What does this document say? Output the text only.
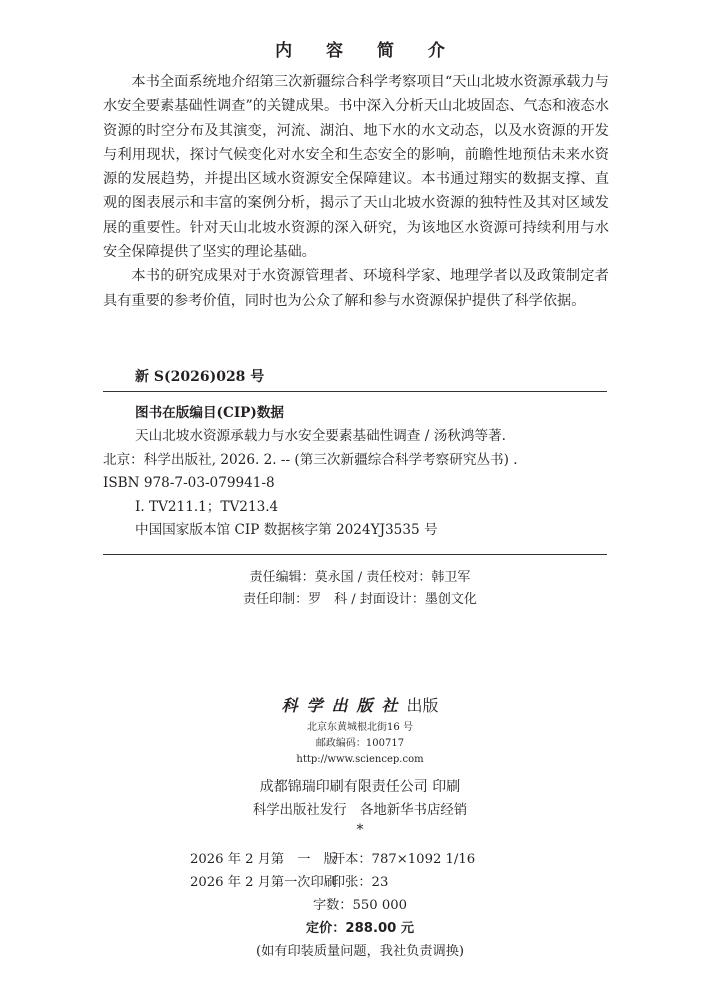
内 容 简 介

本书全面系统地介绍第三次新疆综合科学考察项目“天山北坡水资源承载力与水安全要素基础性调查”的关键成果。书中深入分析天山北坡固态、气态和液态水资源的时空分布及其演变，河流、湖泊、地下水的水文动态，以及水资源的开发与利用现状，探讨气候变化对水安全和生态安全的影响，前瞻性地预估未来水资源的发展趋势，并提出区域水资源安全保障建议。本书通过翔实的数据支撑、直观的图表展示和丰富的案例分析，揭示了天山北坡水资源的独特性及其对区域发展的重要性。针对天山北坡水资源的深入研究，为该地区水资源可持续利用与水安全保障提供了坚实的理论基础。

本书的研究成果对于水资源管理者、环境科学家、地理学者以及政策制定者具有重要的参考价值，同时也为公众了解和参与水资源保护提供了科学依据。

新 S(2026)028 号
图书在版编目(CIP)数据
天山北坡水资源承载力与水安全要素基础性调查 / 汤秋鸿等著.
北京：科学出版社, 2026. 2. -- (第三次新疆综合科学考察研究丛书) .
ISBN 978-7-03-079941-8
Ⅰ. TV211.1；TV213.4
中国国家版本馆 CIP 数据核字第 2024YJ3535 号
责任编辑：莫永国 / 责任校对：韩卫军
责任印制：罗　科 / 封面设计：墨创文化
科学出版社出版
北京东黄城根北街16 号
邮政编码：100717
http://www.sciencep.com
成都锦瑞印刷有限责任公司 印刷
科学出版社发行　各地新华书店经销
*
2026 年 2 月第　一　版开本：787×1092 1/16
2026 年 2 月第一次印刷印张：23
字数：550 000
定价：288.00 元
(如有印装质量问题，我社负责调换)
